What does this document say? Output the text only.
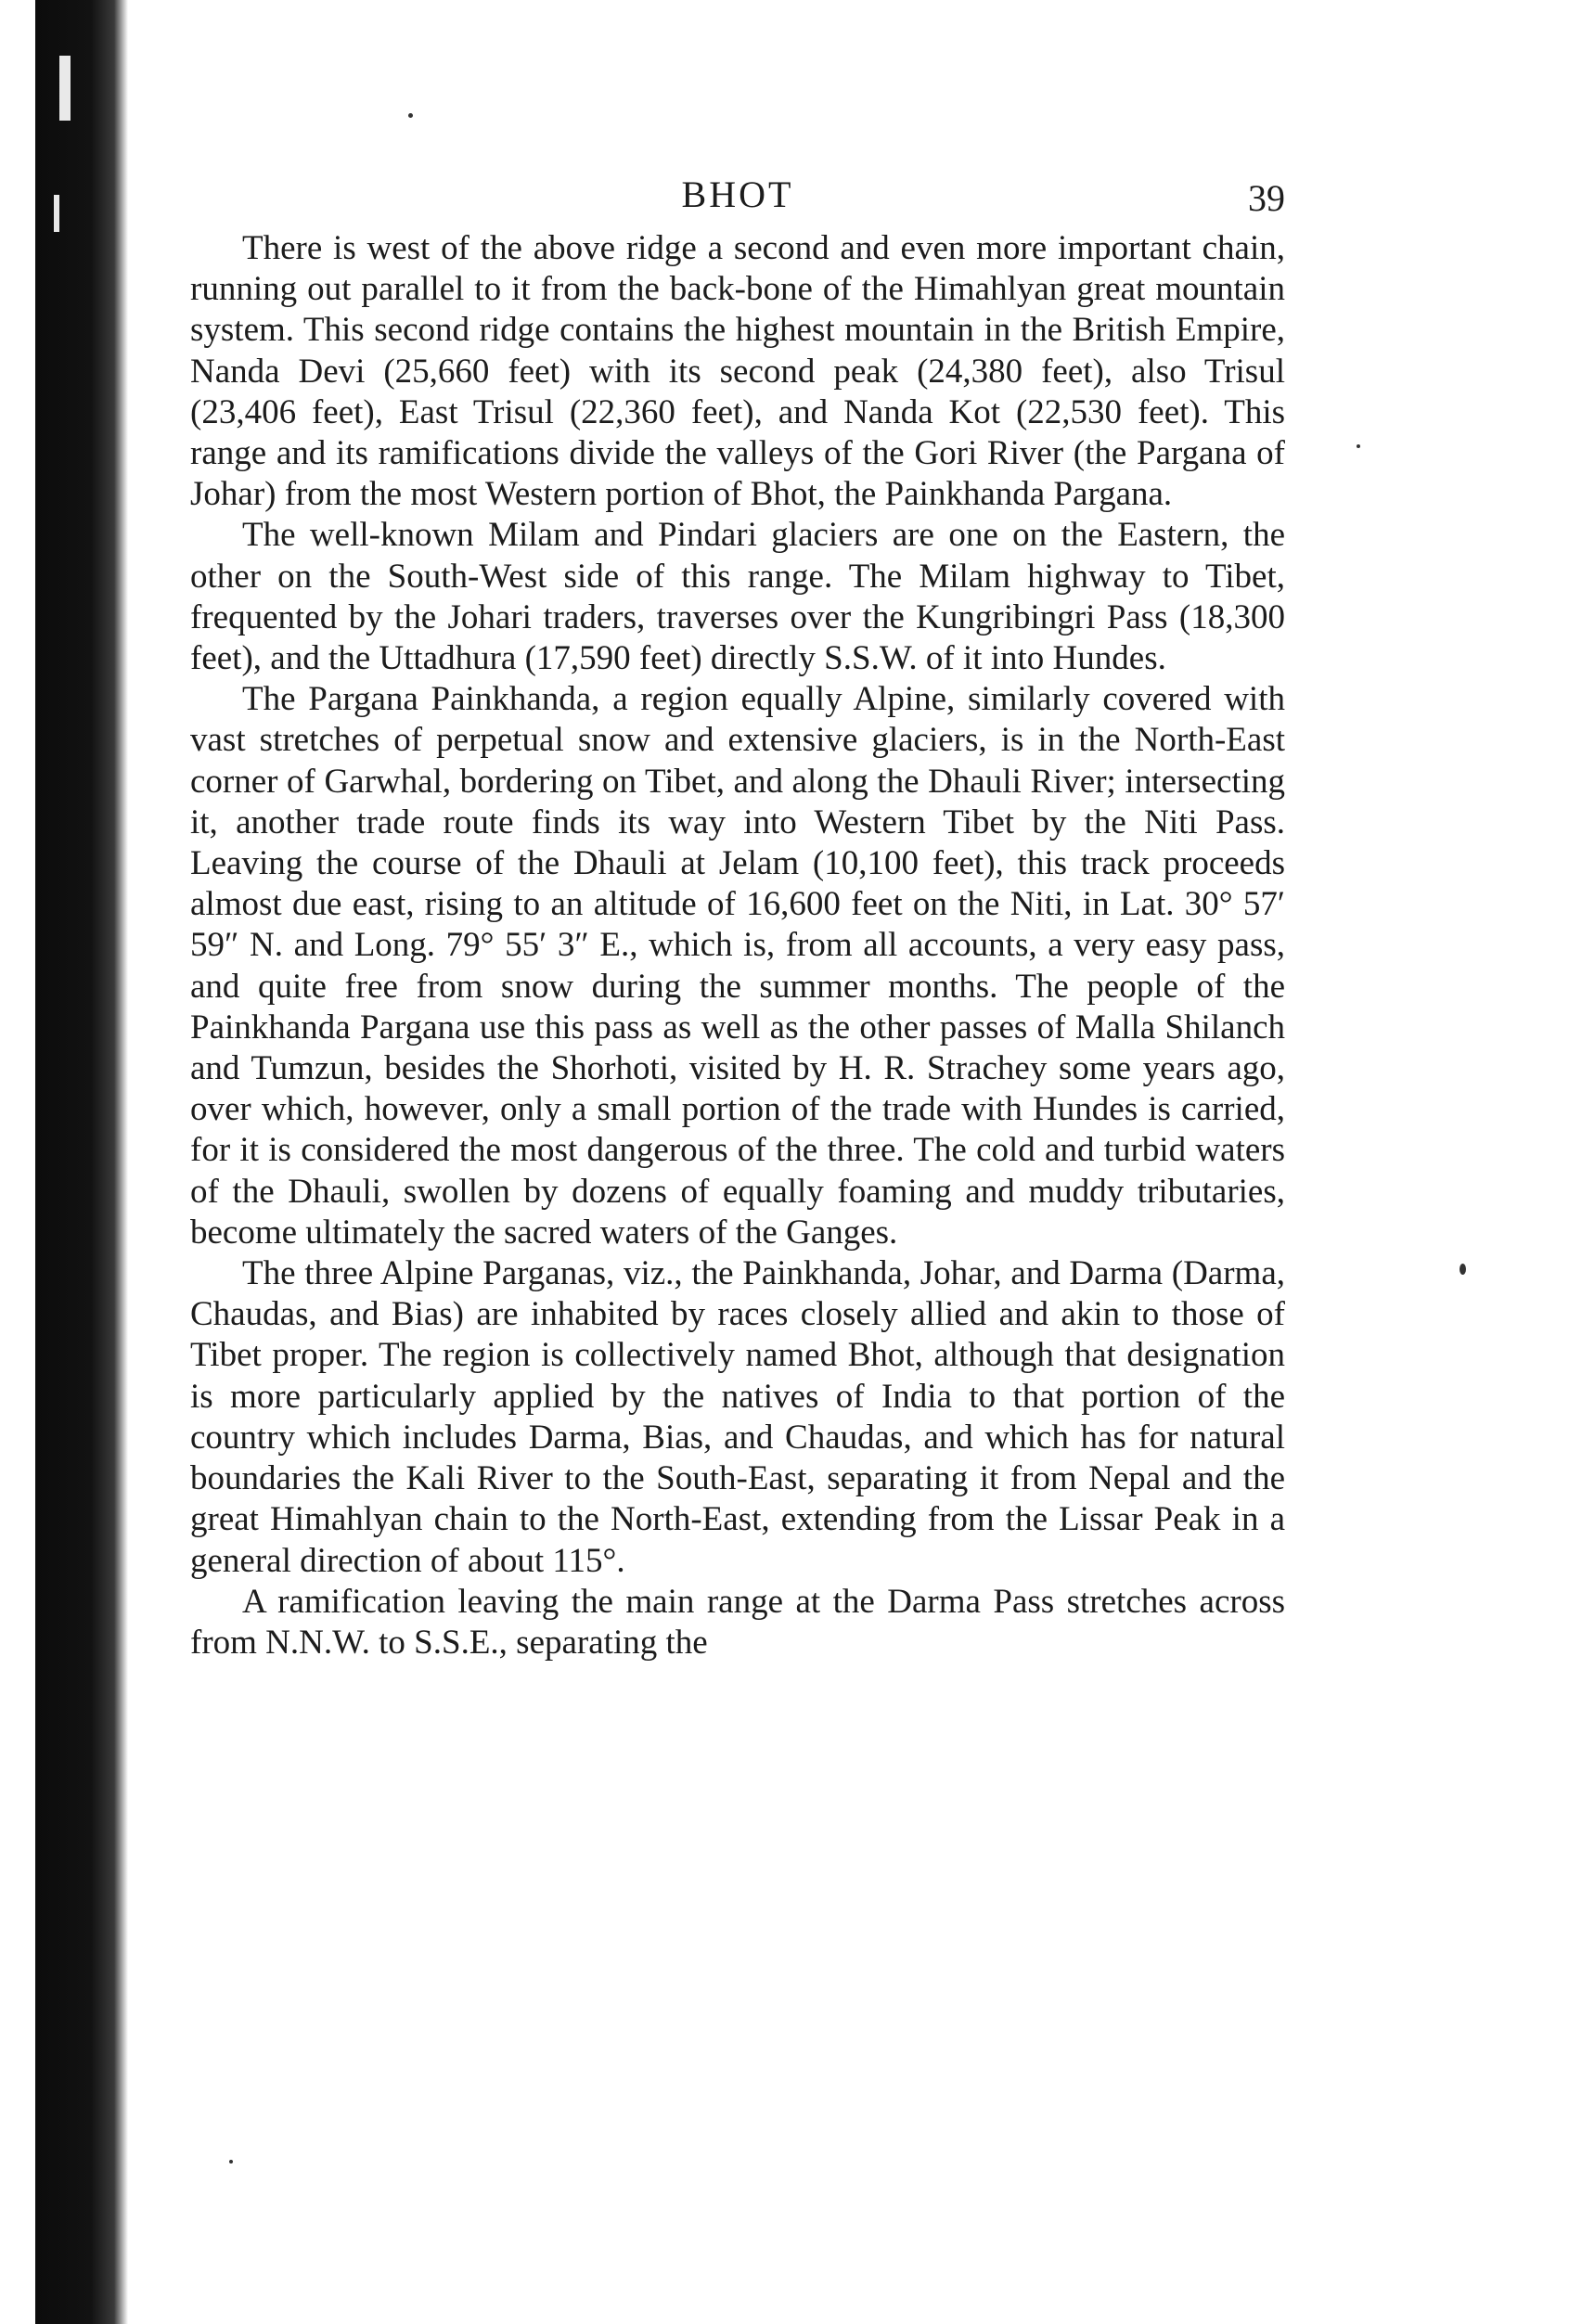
BHOT	39

There is west of the above ridge a second and even more important chain, running out parallel to it from the back-bone of the Himahlyan great mountain system. This second ridge contains the highest mountain in the British Empire, Nanda Devi (25,660 feet) with its second peak (24,380 feet), also Trisul (23,406 feet), East Trisul (22,360 feet), and Nanda Kot (22,530 feet). This range and its ramifications divide the valleys of the Gori River (the Pargana of Johar) from the most Western portion of Bhot, the Painkhanda Pargana.

The well-known Milam and Pindari glaciers are one on the Eastern, the other on the South-West side of this range. The Milam highway to Tibet, frequented by the Johari traders, traverses over the Kungribingri Pass (18,300 feet), and the Uttadhura (17,590 feet) directly S.S.W. of it into Hundes.

The Pargana Painkhanda, a region equally Alpine, similarly covered with vast stretches of perpetual snow and extensive glaciers, is in the North-East corner of Garwhal, bordering on Tibet, and along the Dhauli River; intersecting it, another trade route finds its way into Western Tibet by the Niti Pass. Leaving the course of the Dhauli at Jelam (10,100 feet), this track proceeds almost due east, rising to an altitude of 16,600 feet on the Niti, in Lat. 30° 57′ 59″ N. and Long. 79° 55′ 3″ E., which is, from all accounts, a very easy pass, and quite free from snow during the summer months. The people of the Painkhanda Pargana use this pass as well as the other passes of Malla Shilanch and Tumzun, besides the Shorhoti, visited by H. R. Strachey some years ago, over which, however, only a small portion of the trade with Hundes is carried, for it is considered the most dangerous of the three. The cold and turbid waters of the Dhauli, swollen by dozens of equally foaming and muddy tributaries, become ultimately the sacred waters of the Ganges.

The three Alpine Parganas, viz., the Painkhanda, Johar, and Darma (Darma, Chaudas, and Bias) are inhabited by races closely allied and akin to those of Tibet proper. The region is collectively named Bhot, although that designation is more particularly applied by the natives of India to that portion of the country which includes Darma, Bias, and Chaudas, and which has for natural boundaries the Kali River to the South-East, separating it from Nepal and the great Himahlyan chain to the North-East, extending from the Lissar Peak in a general direction of about 115°.

A ramification leaving the main range at the Darma Pass stretches across from N.N.W. to S.S.E., separating the
